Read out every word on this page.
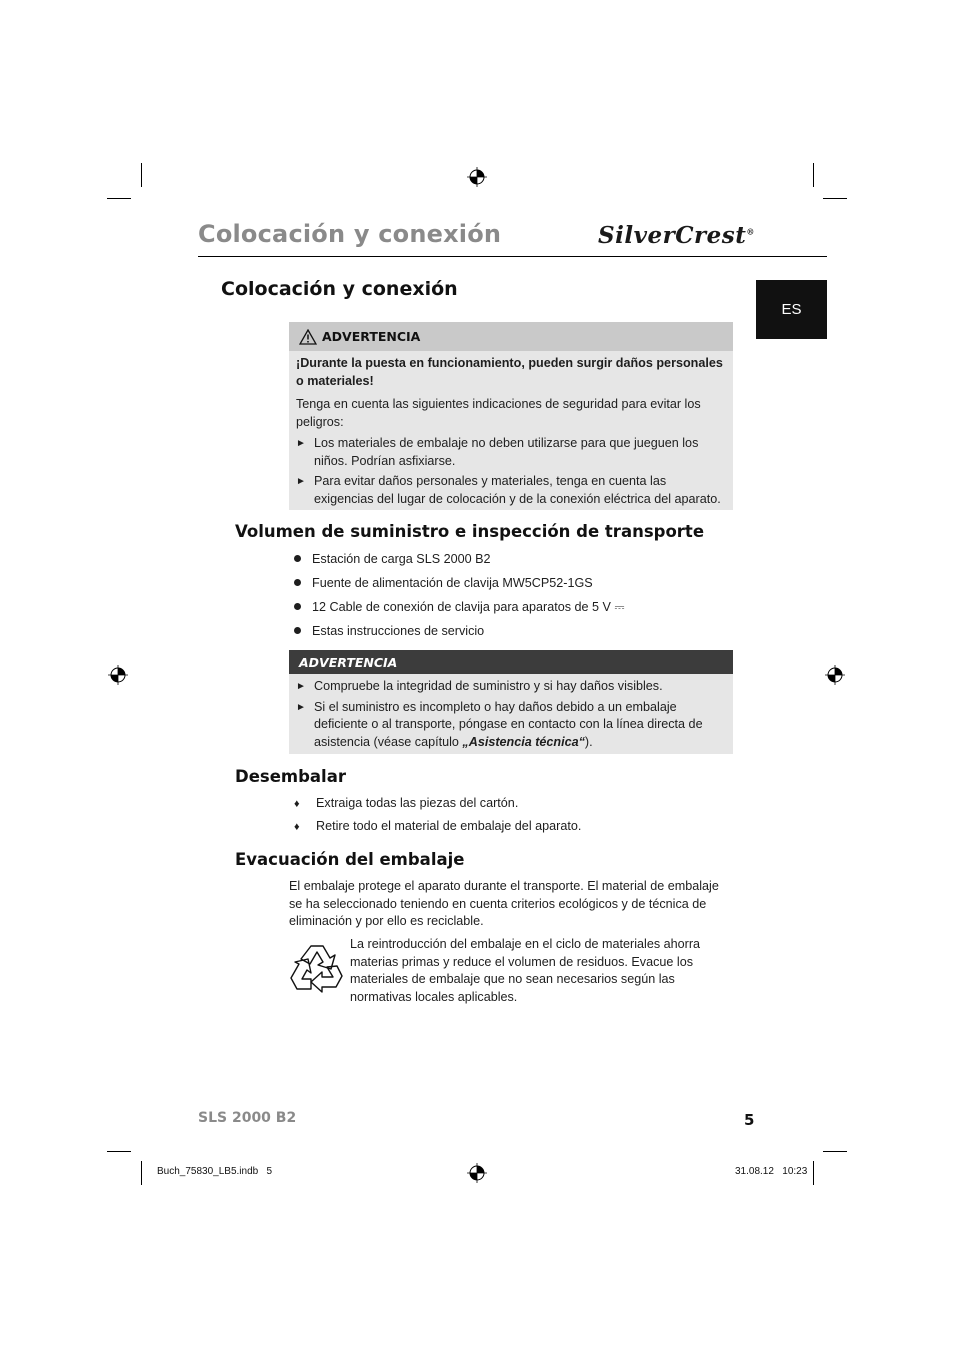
Colocación y conexión	SilverCrest®
ES
Colocación y conexión
ADVERTENCIA
¡Durante la puesta en funcionamiento, pueden surgir daños personales o materiales!
Tenga en cuenta las siguientes indicaciones de seguridad para evitar los peligros:
► Los materiales de embalaje no deben utilizarse para que jueguen los niños. Podrían asfixiarse.
► Para evitar daños personales y materiales, tenga en cuenta las exigencias del lugar de colocación y de la conexión eléctrica del aparato.
Volumen de suministro e inspección de transporte
Estación de carga SLS 2000 B2
Fuente de alimentación de clavija MW5CP52-1GS
12 Cable de conexión de clavija para aparatos de 5 V ⎓
Estas instrucciones de servicio
ADVERTENCIA
► Compruebe la integridad de suministro y si hay daños visibles.
► Si el suministro es incompleto o hay daños debido a un embalaje deficiente o al transporte, póngase en contacto con la línea directa de asistencia (véase capítulo „Asistencia técnica“).
Desembalar
♦ Extraiga todas las piezas del cartón.
♦ Retire todo el material de embalaje del aparato.
Evacuación del embalaje
El embalaje protege el aparato durante el transporte. El material de embalaje se ha seleccionado teniendo en cuenta criterios ecológicos y de técnica de eliminación y por ello es reciclable.
La reintroducción del embalaje en el ciclo de materiales ahorra materias primas y reduce el volumen de residuos. Evacue los materiales de embalaje que no sean necesarios según las normativas locales aplicables.
SLS 2000 B2	5
Buch_75830_LB5.indb   5	31.08.12   10:23
